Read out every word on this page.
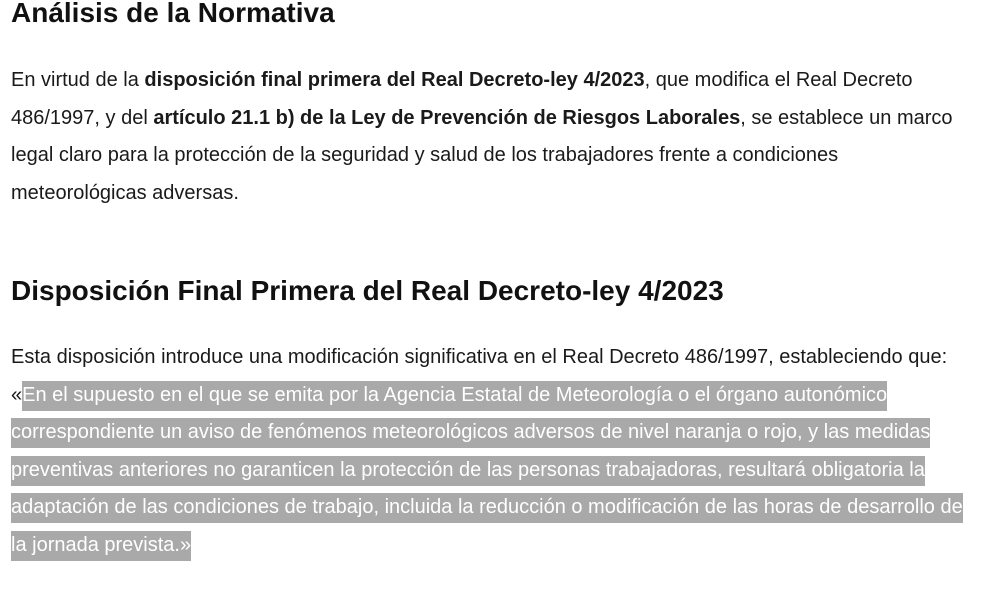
Análisis de la Normativa

En virtud de la disposición final primera del Real Decreto-ley 4/2023, que modifica el Real Decreto 486/1997, y del artículo 21.1 b) de la Ley de Prevención de Riesgos Laborales, se establece un marco legal claro para la protección de la seguridad y salud de los trabajadores frente a condiciones meteorológicas adversas.

Disposición Final Primera del Real Decreto-ley 4/2023

Esta disposición introduce una modificación significativa en el Real Decreto 486/1997, estableciendo que: «En el supuesto en el que se emita por la Agencia Estatal de Meteorología o el órgano autonómico correspondiente un aviso de fenómenos meteorológicos adversos de nivel naranja o rojo, y las medidas preventivas anteriores no garanticen la protección de las personas trabajadoras, resultará obligatoria la adaptación de las condiciones de trabajo, incluida la reducción o modificación de las horas de desarrollo de la jornada prevista.»
